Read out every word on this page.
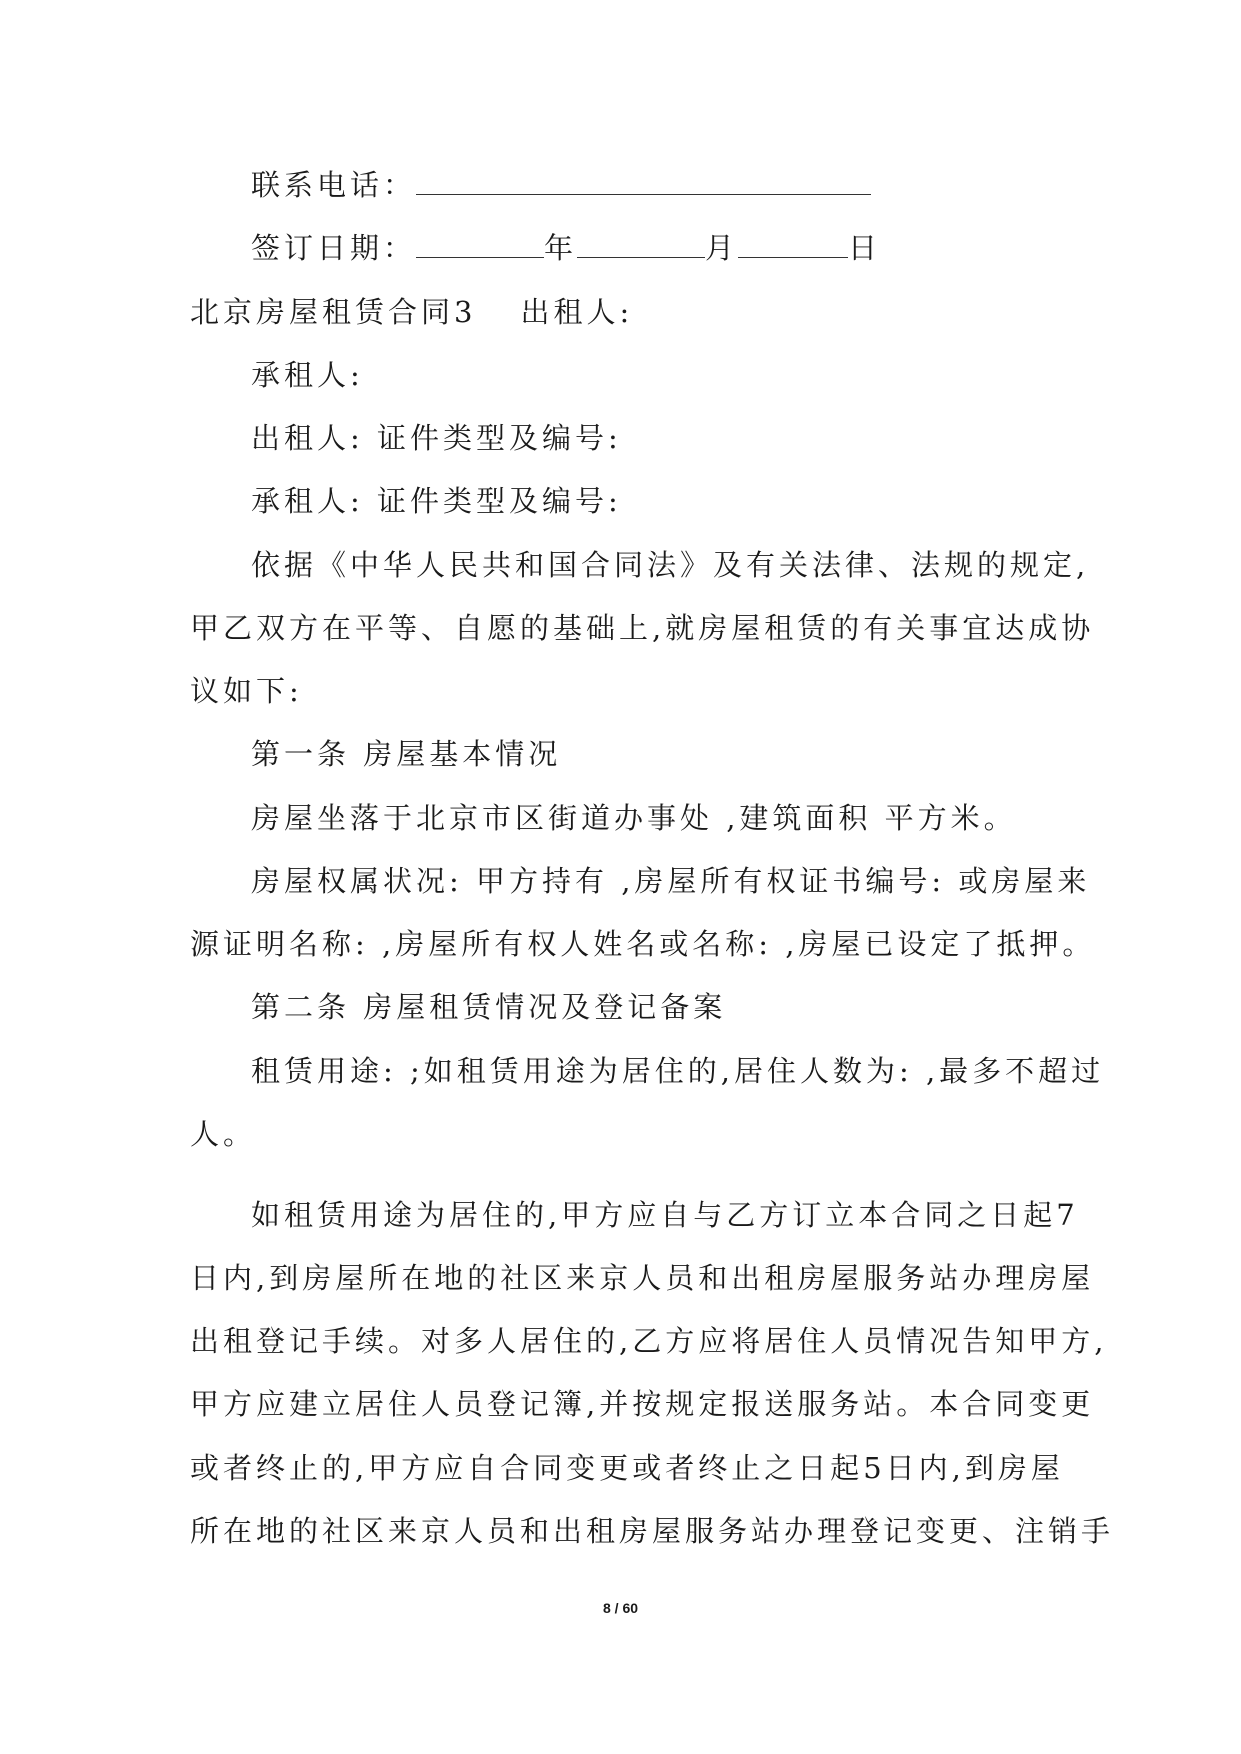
联系电话：
签订日期：	年	月	日
北京房屋租赁合同3 出租人:
承租人:
出租人: 证件类型及编号:
承租人: 证件类型及编号:
依据《中华人民共和国合同法》及有关法律、法规的规定,
甲乙双方在平等、自愿的基础上,就房屋租赁的有关事宜达成协
议如下:
第一条 房屋基本情况
房屋坐落于北京市区街道办事处 ,建筑面积 平方米。
房屋权属状况: 甲方持有 ,房屋所有权证书编号: 或房屋来
源证明名称: ,房屋所有权人姓名或名称: ,房屋已设定了抵押。
第二条 房屋租赁情况及登记备案
租赁用途: ;如租赁用途为居住的,居住人数为: ,最多不超过
人。
如租赁用途为居住的,甲方应自与乙方订立本合同之日起7
日内,到房屋所在地的社区来京人员和出租房屋服务站办理房屋
出租登记手续。对多人居住的,乙方应将居住人员情况告知甲方,
甲方应建立居住人员登记簿,并按规定报送服务站。本合同变更
或者终止的,甲方应自合同变更或者终止之日起5日内,到房屋
所在地的社区来京人员和出租房屋服务站办理登记变更、注销手
8 / 60
